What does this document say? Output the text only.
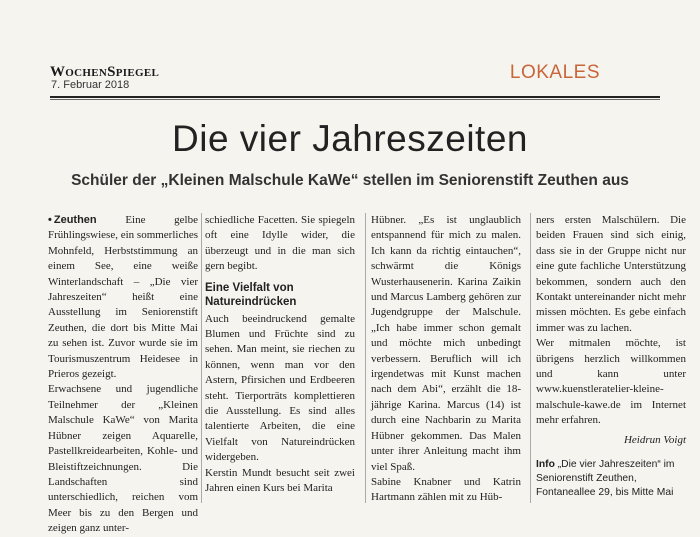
WochenSpiegel
7. Februar 2018
LOKALES
Die vier Jahreszeiten
Schüler der „Kleinen Malschule KaWe“ stellen im Seniorenstift Zeuthen aus

• Zeuthen	Eine gelbe Frühlingswiese, ein sommerliches Mohnfeld, Herbststimmung an einem See, eine weiße Winterlandschaft – „Die vier Jahreszeiten“ heißt eine Ausstellung im Seniorenstift Zeuthen, die dort bis Mitte Mai zu sehen ist. Zuvor wurde sie im Tourismuszentrum Heidesee in Prieros gezeigt.

Erwachsene und jugendliche Teilnehmer der „Kleinen Malschule KaWe“ von Marita Hübner zeigen Aquarelle, Pastellkreidearbeiten, Kohle- und Bleistiftzeichnungen. Die Landschaften sind unterschiedlich, reichen vom Meer bis zu den Bergen und zeigen ganz unter-

schiedliche Facetten. Sie spiegeln oft eine Idylle wider, die überzeugt und in die man sich gern begibt.

Eine Vielfalt von Natureindrücken

Auch beeindruckend gemalte Blumen und Früchte sind zu sehen. Man meint, sie riechen zu können, wenn man vor den Astern, Pfirsichen und Erdbeeren steht. Tierporträts komplettieren die Ausstellung. Es sind alles talentierte Arbeiten, die eine Vielfalt von Natureindrücken widergeben.

Kerstin Mundt besucht seit zwei Jahren einen Kurs bei Marita

Hübner. „Es ist unglaublich entspannend für mich zu malen. Ich kann da richtig eintauchen“, schwärmt die Königs Wusterhausenerin. Karina Zaikin und Marcus Lamberg gehören zur Jugendgruppe der Malschule. „Ich habe immer schon gemalt und möchte mich unbedingt verbessern. Beruflich will ich irgendetwas mit Kunst machen nach dem Abi“, erzählt die 18-jährige Karina. Marcus (14) ist durch eine Nachbarin zu Marita Hübner gekommen. Das Malen unter ihrer Anleitung macht ihm viel Spaß.

Sabine Knabner und Katrin Hartmann zählen mit zu Hüb-

ners ersten Malschülern. Die beiden Frauen sind sich einig, dass sie in der Gruppe nicht nur eine gute fachliche Unterstützung bekommen, sondern auch den Kontakt untereinander nicht mehr missen möchten. Es gebe einfach immer was zu lachen.

Wer mitmalen möchte, ist übrigens herzlich willkommen und kann unter www.kuenstleratelier-kleine-malschule-kawe.de im Internet mehr erfahren.

Heidrun Voigt

Info „Die vier Jahreszeiten“ im Seniorenstift Zeuthen, Fontaneallee 29, bis Mitte Mai
